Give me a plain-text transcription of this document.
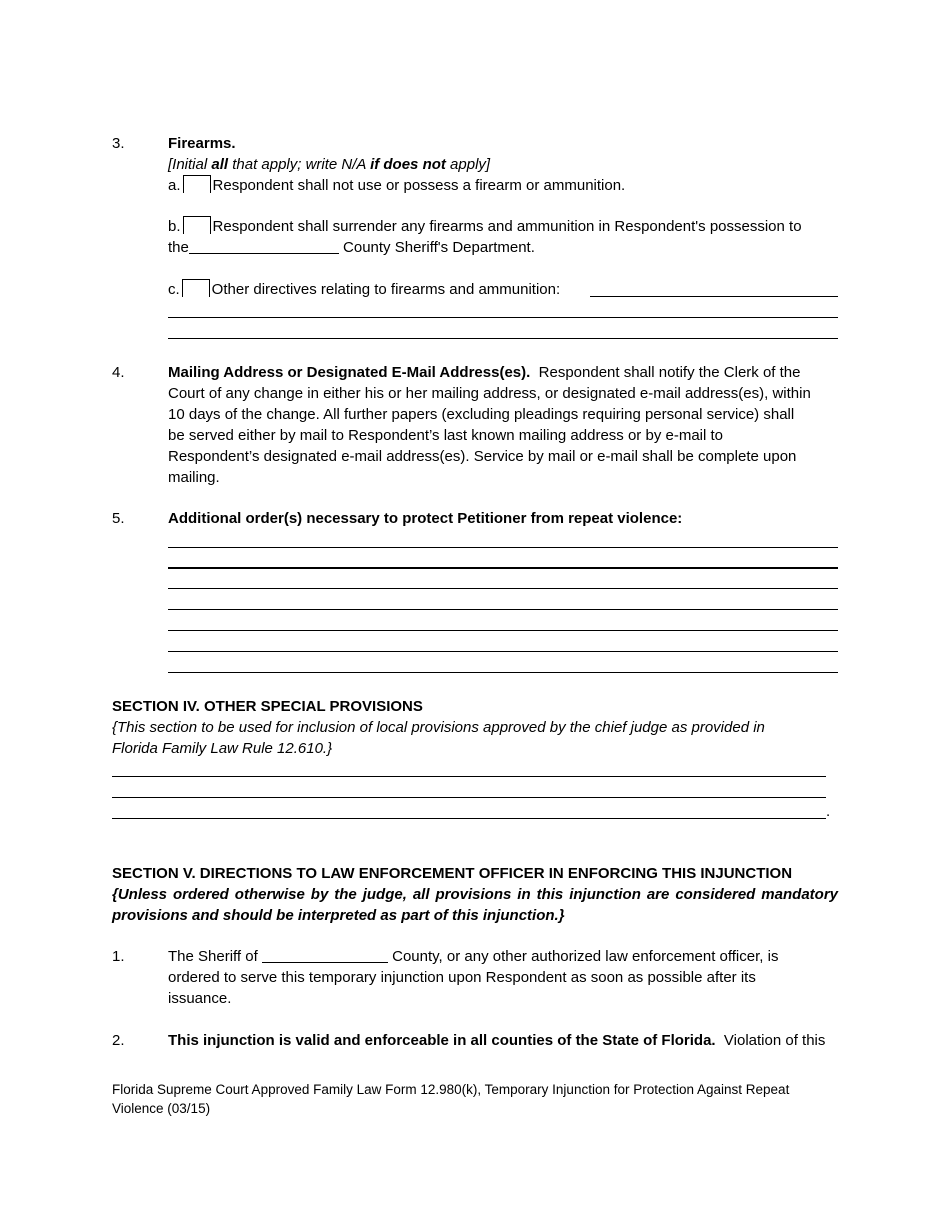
3.	Firearms.
[Initial all that apply; write N/A if does not apply]
a. Respondent shall not use or possess a firearm or ammunition.
b. Respondent shall surrender any firearms and ammunition in Respondent's possession to
the	County Sheriff's Department.
c. Other directives relating to firearms and ammunition:
4.	Mailing Address or Designated E-Mail Address(es). Respondent shall notify the Clerk of the
Court of any change in either his or her mailing address, or designated e-mail address(es), within
10 days of the change. All further papers (excluding pleadings requiring personal service) shall
be served either by mail to Respondent’s last known mailing address or by e-mail to
Respondent’s designated e-mail address(es). Service by mail or e-mail shall be complete upon
mailing.
5.	Additional order(s) necessary to protect Petitioner from repeat violence:
SECTION IV. OTHER SPECIAL PROVISIONS
{This section to be used for inclusion of local provisions approved by the chief judge as provided in
Florida Family Law Rule 12.610.}
.
SECTION V. DIRECTIONS TO LAW ENFORCEMENT OFFICER IN ENFORCING THIS INJUNCTION
{Unless ordered otherwise by the judge, all provisions in this injunction are considered mandatory
provisions and should be interpreted as part of this injunction.}
1.	The Sheriff of	County, or any other authorized law enforcement officer, is
ordered to serve this temporary injunction upon Respondent as soon as possible after its
issuance.
2.	This injunction is valid and enforceable in all counties of the State of Florida. Violation of this
Florida Supreme Court Approved Family Law Form 12.980(k), Temporary Injunction for Protection Against Repeat
Violence (03/15)
